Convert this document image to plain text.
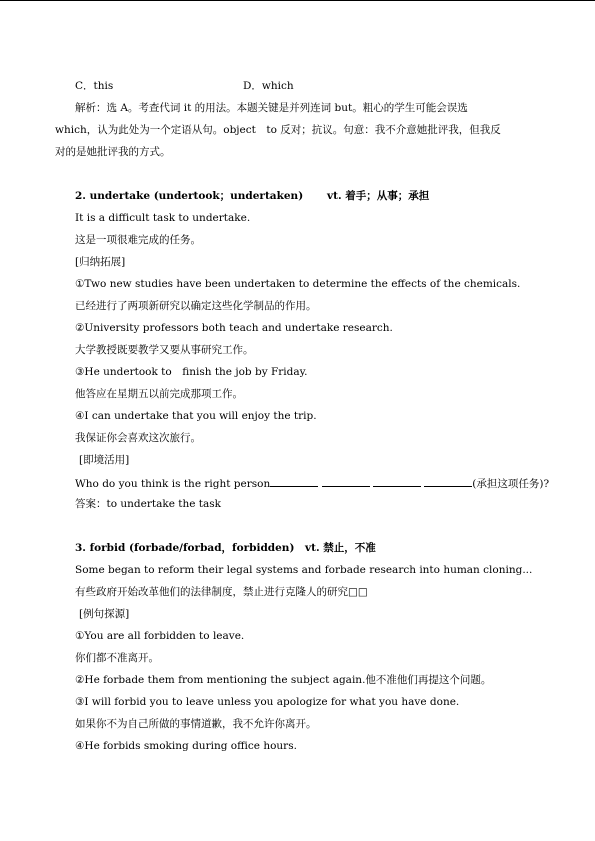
C．this	D．which
解析：选 A。考查代词 it 的用法。本题关键是并列连词 but。粗心的学生可能会误选
which，认为此处为一个定语从句。object　to 反对；抗议。句意：我不介意她批评我，但我反
对的是她批评我的方式。
2. undertake (undertook；undertaken) vt. 着手；从事；承担
It is a difficult task to undertake.
这是一项很难完成的任务。
[归纳拓展]
①Two new studies have been undertaken to determine the effects of the chemicals.
已经进行了两项新研究以确定这些化学制品的作用。
②University professors both teach and undertake research.
大学教授既要教学又要从事研究工作。
③He undertook to　finish the job by Friday.
他答应在星期五以前完成那项工作。
④I can undertake that you will enjoy the trip.
我保证你会喜欢这次旅行。
[即境活用]
Who do you think is the right person	(承担这项任务)?
答案：to undertake the task
3. forbid (forbade/forbad，forbidden) vt. 禁止，不准
Some began to reform their legal systems and forbade research into human cloning...
有些政府开始改革他们的法律制度，禁止进行克隆人的研究□□
[例句探源]
①You are all forbidden to leave.
你们都不准离开。
②He forbade them from mentioning the subject again.他不准他们再提这个问题。
③I will forbid you to leave unless you apologize for what you have done.
如果你不为自己所做的事情道歉，我不允许你离开。
④He forbids smoking during office hours.
